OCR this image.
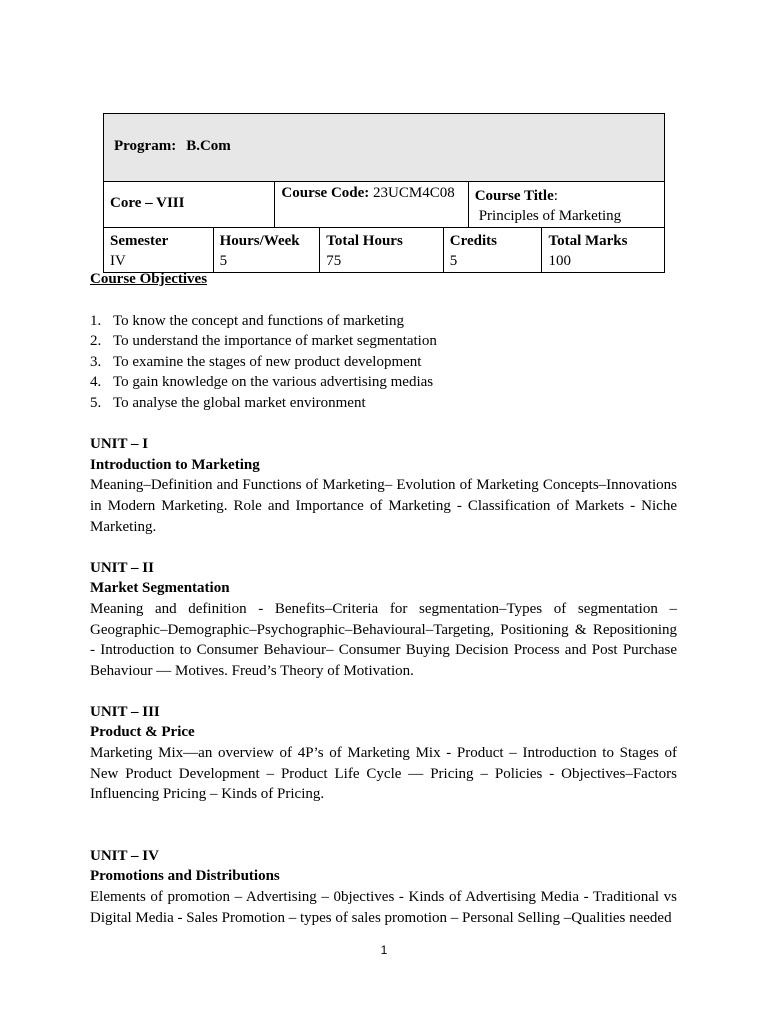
Program: B.Com
Core – VIII
Course Code: 23UCM4C08	Course Title:
Principles of Marketing
Semester
IV
Hours/Week
5
Total Hours
75
Credits
5
Total Marks
100

Course Objectives

1. To know the concept and functions of marketing
2. To understand the importance of market segmentation
3. To examine the stages of new product development
4. To gain knowledge on the various advertising medias
5. To analyse the global market environment
UNIT – I
Introduction to Marketing
Meaning–Definition and Functions of Marketing– Evolution of Marketing Concepts–Innovations in Modern Marketing. Role and Importance of Marketing - Classification of Markets - Niche Marketing.
UNIT – II
Market Segmentation
Meaning and definition - Benefits–Criteria for segmentation–Types of segmentation – Geographic–Demographic–Psychographic–Behavioural–Targeting, Positioning & Repositioning - Introduction to Consumer Behaviour– Consumer Buying Decision Process and Post Purchase Behaviour — Motives. Freud’s Theory of Motivation.
UNIT – III
Product & Price
Marketing Mix—an overview of 4P’s of Marketing Mix - Product – Introduction to Stages of New Product Development – Product Life Cycle — Pricing – Policies - Objectives–Factors Influencing Pricing – Kinds of Pricing.
UNIT – IV
Promotions and Distributions
Elements of promotion – Advertising – 0bjectives - Kinds of Advertising Media - Traditional vs Digital Media - Sales Promotion – types of sales promotion – Personal Selling –Qualities needed
1
